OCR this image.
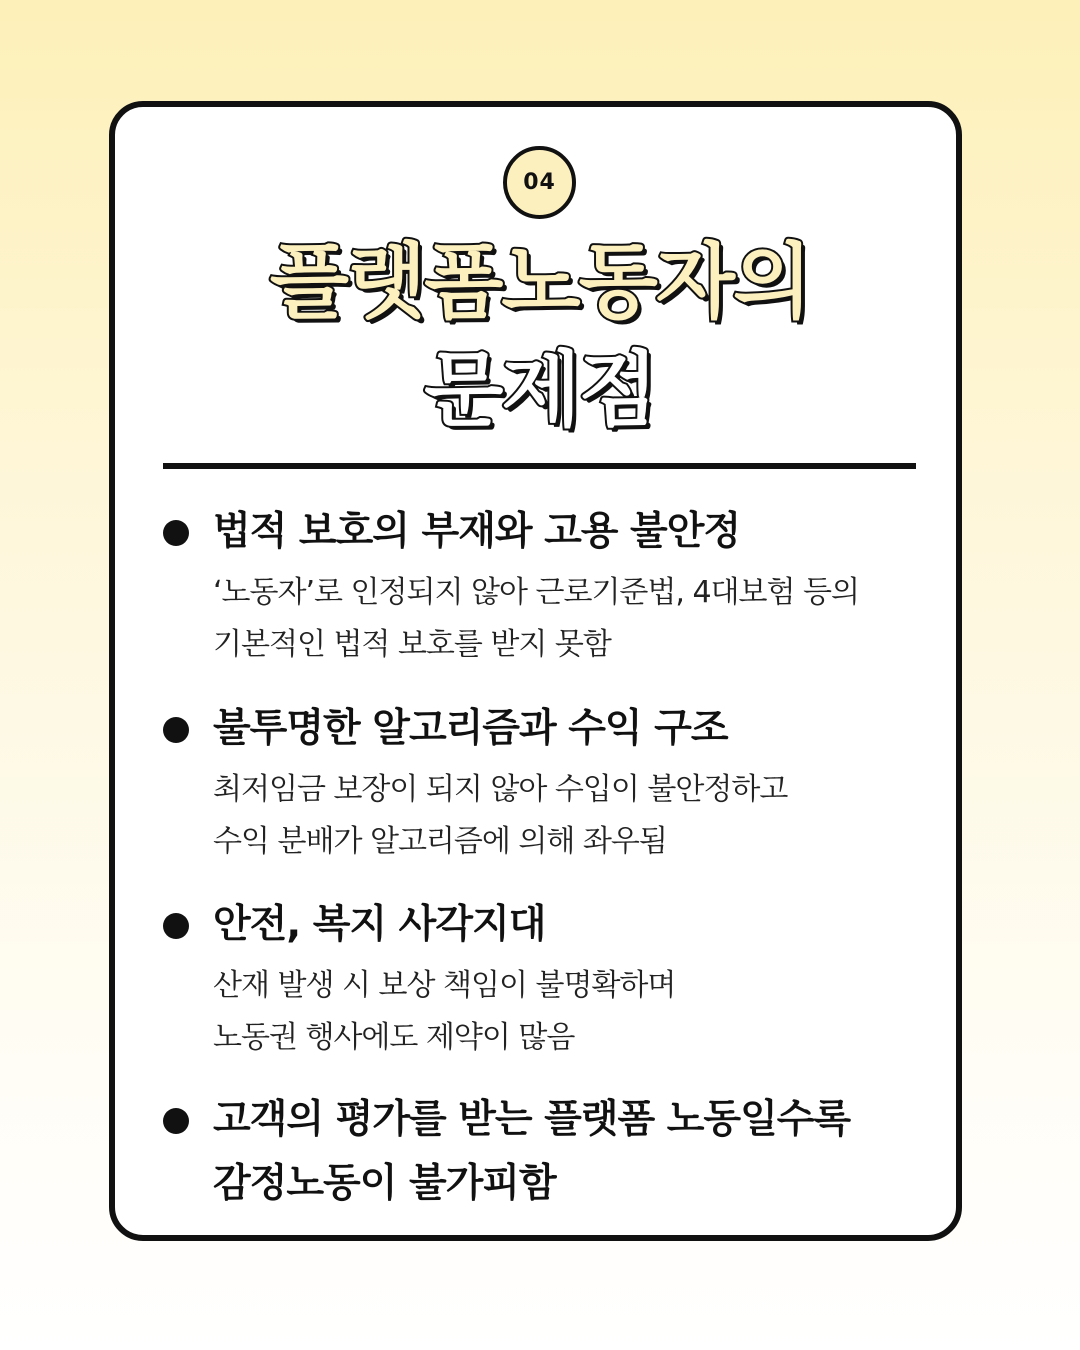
04
플랫폼노동자의
문제점
법적 보호의 부재와 고용 불안정
‘노동자’로 인정되지 않아 근로기준법, 4대보험 등의
기본적인 법적 보호를 받지 못함
불투명한 알고리즘과 수익 구조
최저임금 보장이 되지 않아 수입이 불안정하고
수익 분배가 알고리즘에 의해 좌우됨
안전, 복지 사각지대
산재 발생 시 보상 책임이 불명확하며
노동권 행사에도 제약이 많음
고객의 평가를 받는 플랫폼 노동일수록
감정노동이 불가피함
